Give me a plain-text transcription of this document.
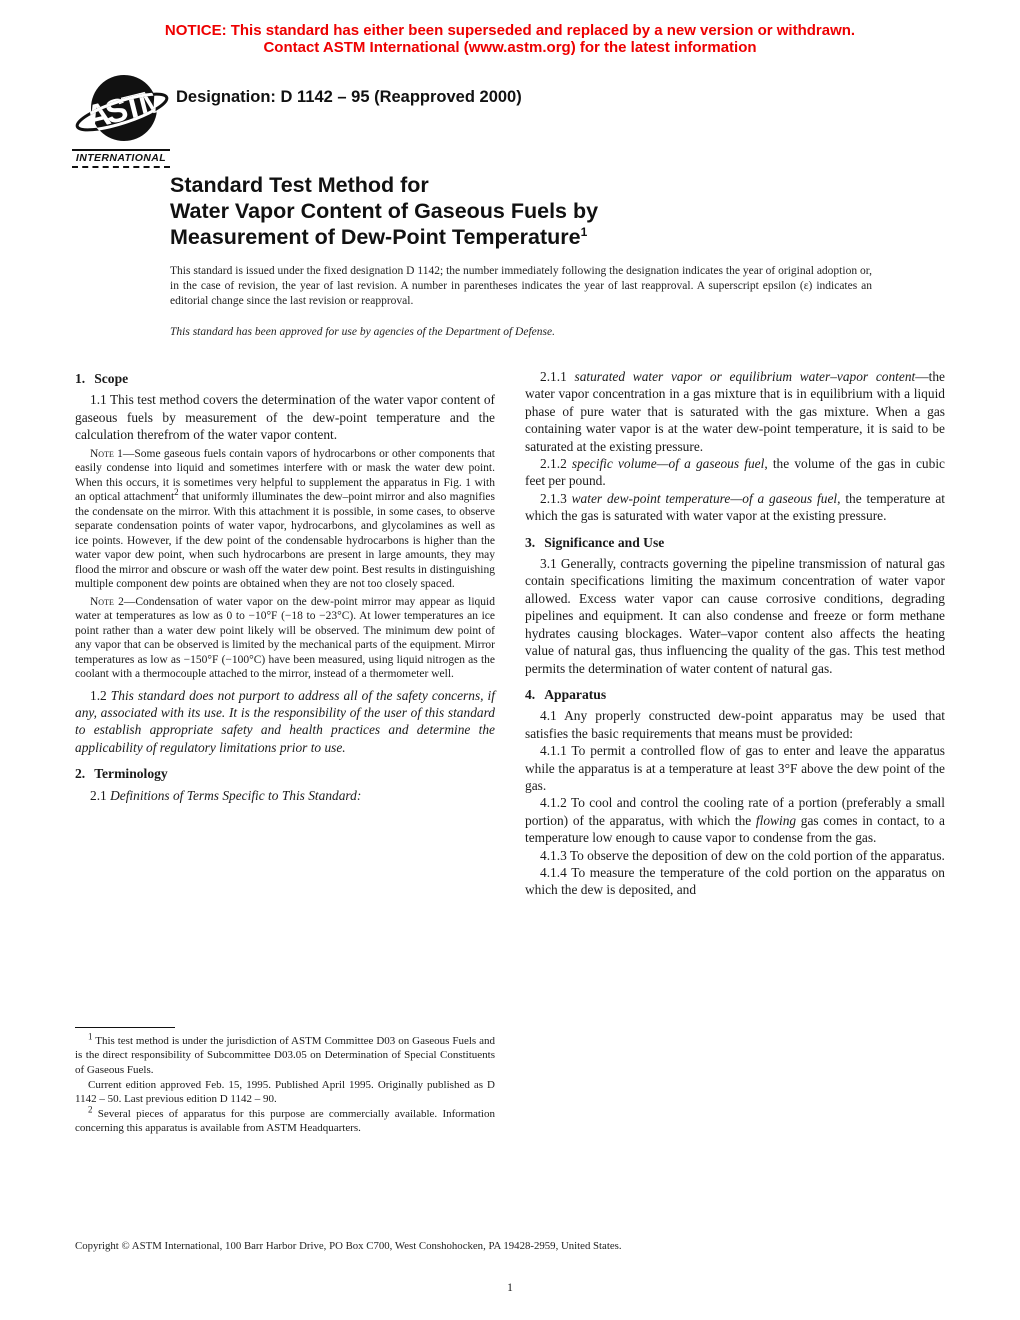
NOTICE: This standard has either been superseded and replaced by a new version or withdrawn.
Contact ASTM International (www.astm.org) for the latest information
ASTM
INTERNATIONAL
Designation: D 1142 – 95 (Reapproved 2000)
Standard Test Method for
Water Vapor Content of Gaseous Fuels by
Measurement of Dew-Point Temperature$^1$
This standard is issued under the fixed designation D 1142; the number immediately following the designation indicates the year of original adoption or, in the case of revision, the year of last revision. A number in parentheses indicates the year of last reapproval. A superscript epsilon (ε) indicates an editorial change since the last revision or reapproval.
This standard has been approved for use by agencies of the Department of Defense.
1. Scope

1.1 This test method covers the determination of the water vapor content of gaseous fuels by measurement of the dew-point temperature and the calculation therefrom of the water vapor content.

Note 1—Some gaseous fuels contain vapors of hydrocarbons or other components that easily condense into liquid and sometimes interfere with or mask the water dew point. When this occurs, it is sometimes very helpful to supplement the apparatus in Fig. 1 with an optical attachment$^2$ that uniformly illuminates the dew–point mirror and also magnifies the condensate on the mirror. With this attachment it is possible, in some cases, to observe separate condensation points of water vapor, hydrocarbons, and glycolamines as well as ice points. However, if the dew point of the condensable hydrocarbons is higher than the water vapor dew point, when such hydrocarbons are present in large amounts, they may flood the mirror and obscure or wash off the water dew point. Best results in distinguishing multiple component dew points are obtained when they are not too closely spaced.

Note 2—Condensation of water vapor on the dew-point mirror may appear as liquid water at temperatures as low as 0 to −10°F (−18 to −23°C). At lower temperatures an ice point rather than a water dew point likely will be observed. The minimum dew point of any vapor that can be observed is limited by the mechanical parts of the equipment. Mirror temperatures as low as −150°F (−100°C) have been measured, using liquid nitrogen as the coolant with a thermocouple attached to the mirror, instead of a thermometer well.

1.2 This standard does not purport to address all of the safety concerns, if any, associated with its use. It is the responsibility of the user of this standard to establish appropriate safety and health practices and determine the applicability of regulatory limitations prior to use.

2. Terminology

2.1 Definitions of Terms Specific to This Standard:

$^1$ This test method is under the jurisdiction of ASTM Committee D03 on Gaseous Fuels and is the direct responsibility of Subcommittee D03.05 on Determination of Special Constituents of Gaseous Fuels.

Current edition approved Feb. 15, 1995. Published April 1995. Originally published as D 1142 – 50. Last previous edition D 1142 – 90.

$^2$ Several pieces of apparatus for this purpose are commercially available. Information concerning this apparatus is available from ASTM Headquarters.

2.1.1 saturated water vapor or equilibrium water–vapor content—the water vapor concentration in a gas mixture that is in equilibrium with a liquid phase of pure water that is saturated with the gas mixture. When a gas containing water vapor is at the water dew-point temperature, it is said to be saturated at the existing pressure.

2.1.2 specific volume—of a gaseous fuel, the volume of the gas in cubic feet per pound.

2.1.3 water dew-point temperature—of a gaseous fuel, the temperature at which the gas is saturated with water vapor at the existing pressure.

3. Significance and Use

3.1 Generally, contracts governing the pipeline transmission of natural gas contain specifications limiting the maximum concentration of water vapor allowed. Excess water vapor can cause corrosive conditions, degrading pipelines and equipment. It can also condense and freeze or form methane hydrates causing blockages. Water–vapor content also affects the heating value of natural gas, thus influencing the quality of the gas. This test method permits the determination of water content of natural gas.

4. Apparatus

4.1 Any properly constructed dew-point apparatus may be used that satisfies the basic requirements that means must be provided:

4.1.1 To permit a controlled flow of gas to enter and leave the apparatus while the apparatus is at a temperature at least 3°F above the dew point of the gas.

4.1.2 To cool and control the cooling rate of a portion (preferably a small portion) of the apparatus, with which the flowing gas comes in contact, to a temperature low enough to cause vapor to condense from the gas.

4.1.3 To observe the deposition of dew on the cold portion of the apparatus.

4.1.4 To measure the temperature of the cold portion on the apparatus on which the dew is deposited, and

Copyright © ASTM International, 100 Barr Harbor Drive, PO Box C700, West Conshohocken, PA 19428-2959, United States.
1
